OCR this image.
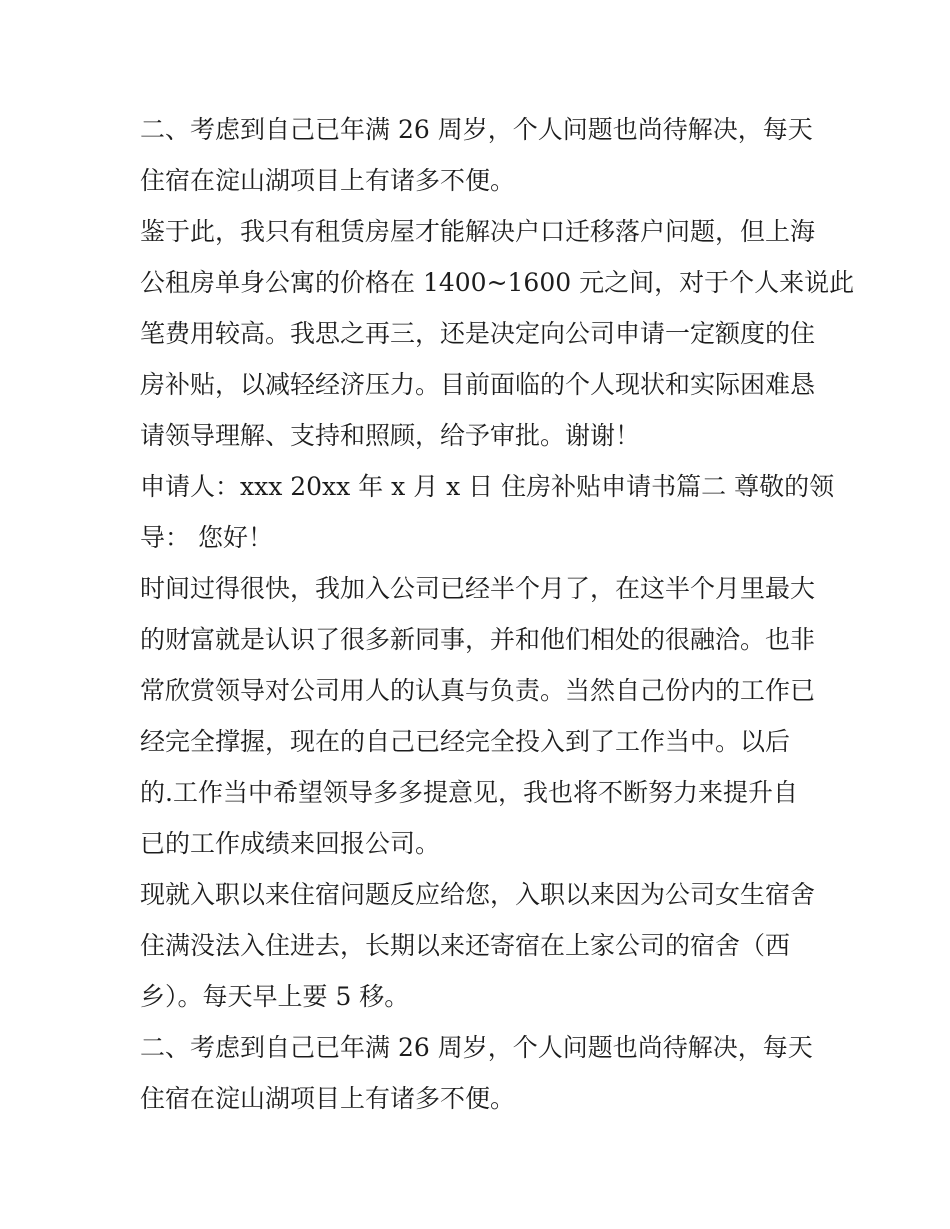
二、考虑到自己已年满 26 周岁，个人问题也尚待解决，每天
住宿在淀山湖项目上有诸多不便。
鉴于此，我只有租赁房屋才能解决户口迁移落户问题，但上海
公租房单身公寓的价格在 1400~1600 元之间，对于个人来说此
笔费用较高。我思之再三，还是决定向公司申请一定额度的住
房补贴，以减轻经济压力。目前面临的个人现状和实际困难恳
请领导理解、支持和照顾，给予审批。谢谢！
申请人：xxx 20xx 年 x 月 x 日 住房补贴申请书篇二 尊敬的领
导： 您好！
时间过得很快，我加入公司已经半个月了，在这半个月里最大
的财富就是认识了很多新同事，并和他们相处的很融洽。也非
常欣赏领导对公司用人的认真与负责。当然自己份内的工作已
经完全撑握，现在的自己已经完全投入到了工作当中。以后
的.工作当中希望领导多多提意见，我也将不断努力来提升自
已的工作成绩来回报公司。
现就入职以来住宿问题反应给您，入职以来因为公司女生宿舍
住满没法入住进去，长期以来还寄宿在上家公司的宿舍（西
乡）。每天早上要 5 移。
二、考虑到自己已年满 26 周岁，个人问题也尚待解决，每天
住宿在淀山湖项目上有诸多不便。
